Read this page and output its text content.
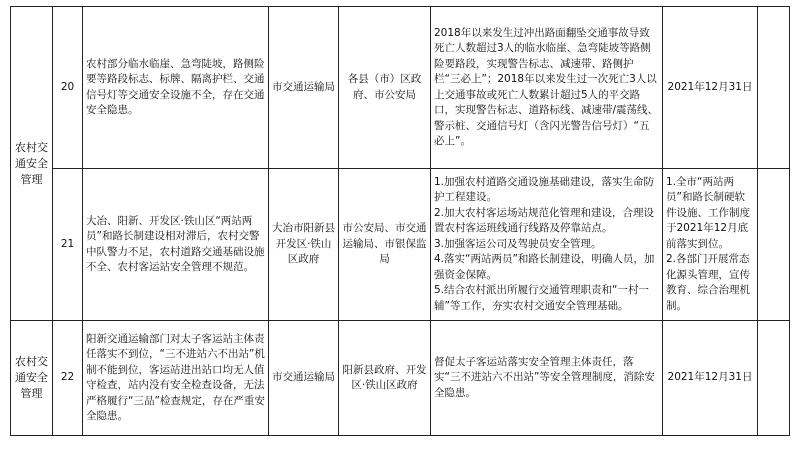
农村交通安全管理	20	农村部分临水临崖、急弯陡坡，路侧险要等路段标志、标牌、隔离护栏、交通信号灯等交通安全设施不全，存在交通安全隐患。	市交通运输局	各县（市）区政府、市公安局	2018年以来发生过冲出路面翻坠交通事故导致死亡人数超过3人的临水临崖、急弯陡坡等路侧险要路段，实现警告标志、减速带、路侧护栏“三必上”；2018年以来发生过一次死亡3人以上交通事故或死亡人数累计超过5人的平交路口，实现警告标志、道路标线、减速带/震荡线、警示桩、交通信号灯（含闪光警告信号灯）“五必上”。	2021年12月31日	
	21	大冶、阳新、开发区·铁山区“两站两员”和路长制建设相对滞后，农村交警中队警力不足，农村道路交通基础设施不全、农村客运站安全管理不规范。	大冶市阳新县开发区·铁山区政府	市公安局、市交通运输局、市银保监局	1.加强农村道路交通设施基础建设，落实生命防护工程建设。
2.加大农村客运场站规范化管理和建设，合理设置农村客运班线通行线路及停靠站点。
3.加强客运公司及驾驶员安全管理。
4.落实“两站两员”和路长制建设，明确人员，加强资金保障。
5.结合农村派出所履行交通管理职责和“一村一辅”等工作，夯实农村交通安全管理基础。	1.全市“两站两员”和路长制硬软件设施、工作制度于2021年12月底前落实到位。
2.各部门开展常态化源头管理，宣传教育、综合治理机制。	

农村交通安全管理	22	阳新交通运输部门对太子客运站主体责任落实不到位，“三不进站六不出站”机制不能到位，客运站进出站口均无人值守检查，站内没有安全检查设备，无法严格履行“三品”检查规定，存在严重安全隐患。	市交通运输局	阳新县政府、开发区·铁山区政府	督促太子客运站落实安全管理主体责任，落实“三不进站六不出站”等安全管理制度，消除安全隐患。	2021年12月31日	
